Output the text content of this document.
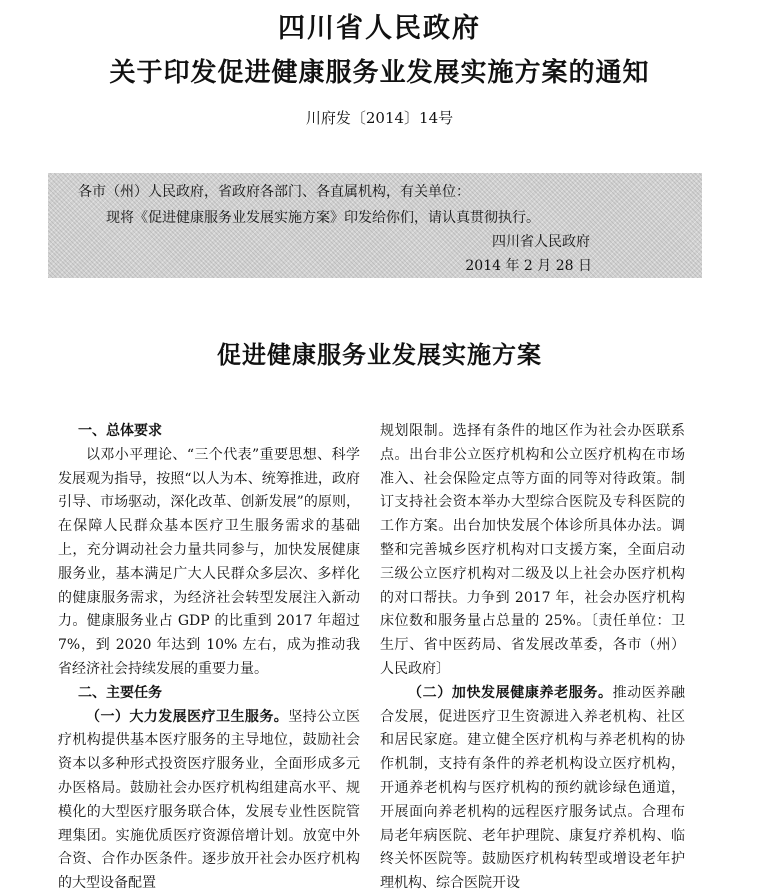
四川省人民政府
关于印发促进健康服务业发展实施方案的通知
川府发〔2014〕14号
各市（州）人民政府，省政府各部门、各直属机构，有关单位：
现将《促进健康服务业发展实施方案》印发给你们，请认真贯彻执行。
四川省人民政府
2014 年 2 月 28 日
促进健康服务业发展实施方案

一、总体要求

以邓小平理论、“三个代表”重要思想、科学发展观为指导，按照“以人为本、统筹推进，政府引导、市场驱动，深化改革、创新发展”的原则，在保障人民群众基本医疗卫生服务需求的基础上，充分调动社会力量共同参与，加快发展健康服务业，基本满足广大人民群众多层次、多样化的健康服务需求，为经济社会转型发展注入新动力。健康服务业占 GDP 的比重到 2017 年超过 7%，到 2020 年达到 10% 左右，成为推动我省经济社会持续发展的重要力量。

二、主要任务

（一）大力发展医疗卫生服务。坚持公立医疗机构提供基本医疗服务的主导地位，鼓励社会资本以多种形式投资医疗服务业，全面形成多元办医格局。鼓励社会办医疗机构组建高水平、规模化的大型医疗服务联合体，发展专业性医院管理集团。实施优质医疗资源倍增计划。放宽中外合资、合作办医条件。逐步放开社会办医疗机构的大型设备配置

规划限制。选择有条件的地区作为社会办医联系点。出台非公立医疗机构和公立医疗机构在市场准入、社会保险定点等方面的同等对待政策。制订支持社会资本举办大型综合医院及专科医院的工作方案。出台加快发展个体诊所具体办法。调整和完善城乡医疗机构对口支援方案，全面启动三级公立医疗机构对二级及以上社会办医疗机构的对口帮扶。力争到 2017 年，社会办医疗机构床位数和服务量占总量的 25%。〔责任单位：卫生厅、省中医药局、省发展改革委，各市（州）人民政府〕

（二）加快发展健康养老服务。推动医养融合发展，促进医疗卫生资源进入养老机构、社区和居民家庭。建立健全医疗机构与养老机构的协作机制，支持有条件的养老机构设立医疗机构，开通养老机构与医疗机构的预约就诊绿色通道，开展面向养老机构的远程医疗服务试点。合理布局老年病医院、老年护理院、康复疗养机构、临终关怀医院等。鼓励医疗机构转型或增设老年护理机构、综合医院开设
